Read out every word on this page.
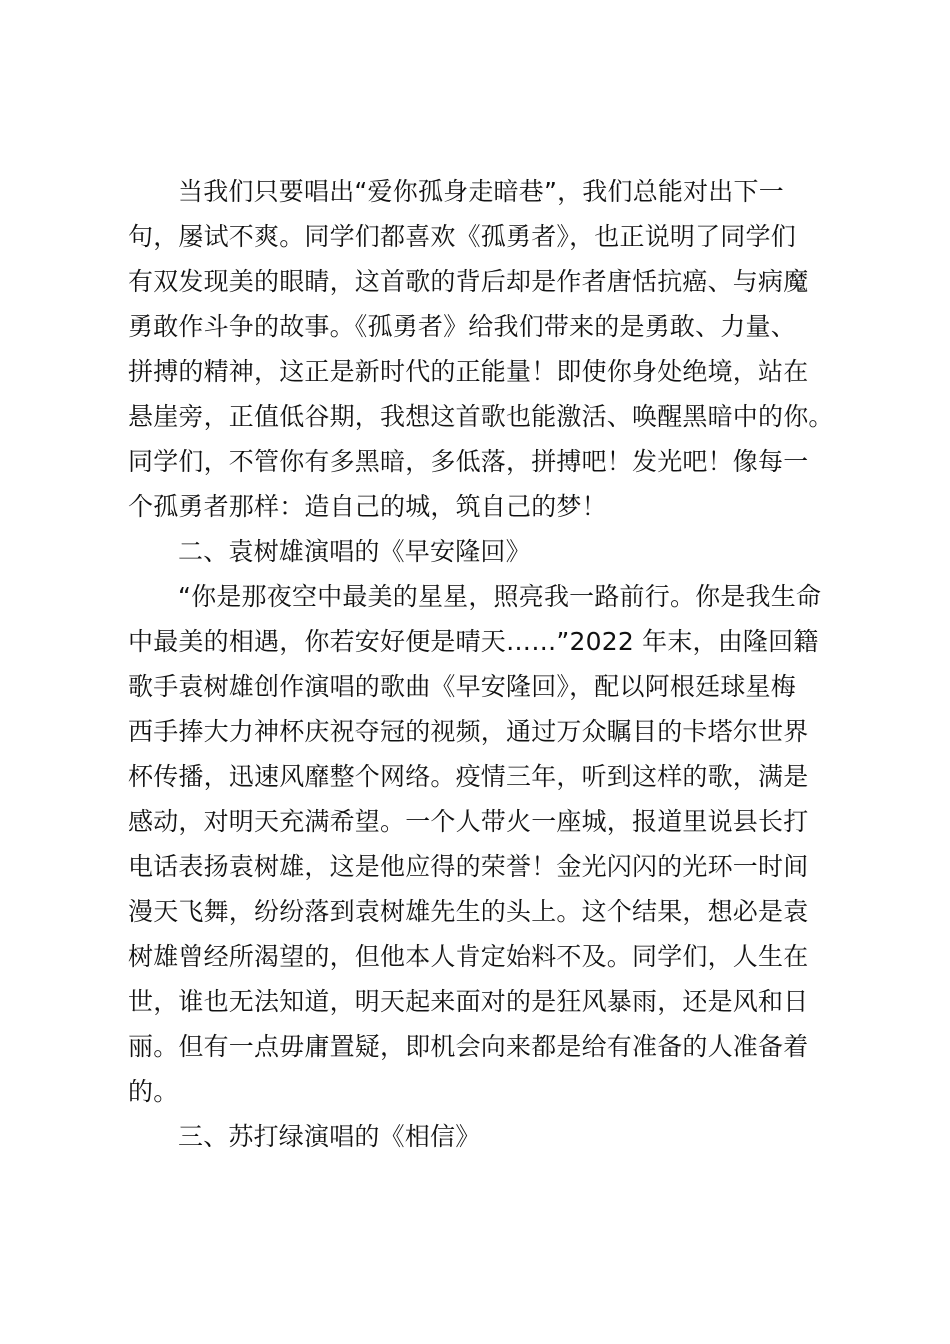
当我们只要唱出“爱你孤身走暗巷”，我们总能对出下一
句，屡试不爽。同学们都喜欢《孤勇者》，也正说明了同学们
有双发现美的眼睛，这首歌的背后却是作者唐恬抗癌、与病魔
勇敢作斗争的故事。《孤勇者》给我们带来的是勇敢、力量、
拼搏的精神，这正是新时代的正能量！即使你身处绝境，站在
悬崖旁，正值低谷期，我想这首歌也能激活、唤醒黑暗中的你。
同学们，不管你有多黑暗，多低落，拼搏吧！发光吧！像每一
个孤勇者那样：造自己的城，筑自己的梦！
二、袁树雄演唱的《早安隆回》
“你是那夜空中最美的星星，照亮我一路前行。你是我生命
中最美的相遇，你若安好便是晴天……”2022 年末，由隆回籍
歌手袁树雄创作演唱的歌曲《早安隆回》，配以阿根廷球星梅
西手捧大力神杯庆祝夺冠的视频，通过万众瞩目的卡塔尔世界
杯传播，迅速风靡整个网络。疫情三年，听到这样的歌，满是
感动，对明天充满希望。一个人带火一座城，报道里说县长打
电话表扬袁树雄，这是他应得的荣誉！金光闪闪的光环一时间
漫天飞舞，纷纷落到袁树雄先生的头上。这个结果，想必是袁
树雄曾经所渴望的，但他本人肯定始料不及。同学们，人生在
世，谁也无法知道，明天起来面对的是狂风暴雨，还是风和日
丽。但有一点毋庸置疑，即机会向来都是给有准备的人准备着
的。
三、苏打绿演唱的《相信》
